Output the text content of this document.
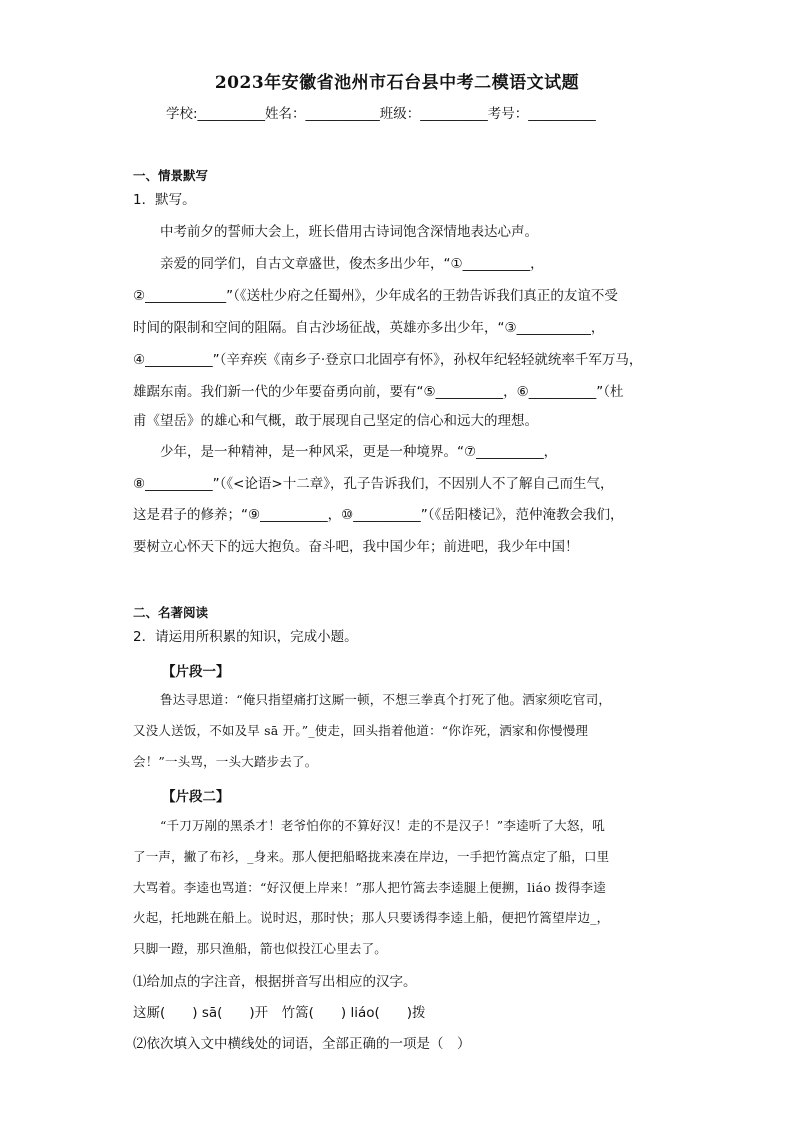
2023年安徽省池州市石台县中考二模语文试题
学校:__________姓名：___________班级：__________考号：__________
一、情景默写
1．默写。
中考前夕的誓师大会上，班长借用古诗词饱含深情地表达心声。
亲爱的同学们，自古文章盛世，俊杰多出少年，“①__________，
②____________”（《送杜少府之任蜀州》，少年成名的王勃告诉我们真正的友谊不受
时间的限制和空间的阻隔。自古沙场征战，英雄亦多出少年，“③___________，
④__________”（辛弃疾《南乡子·登京口北固亭有怀》，孙权年纪轻轻就统率千军万马，
雄踞东南。我们新一代的少年要奋勇向前，要有“⑤__________，⑥__________”（杜
甫《望岳》的雄心和气概，敢于展现自己坚定的信心和远大的理想。
少年，是一种精神，是一种风采，更是一种境界。“⑦__________，
⑧__________”（《<论语>十二章》，孔子告诉我们，不因别人不了解自己而生气，
这是君子的修养；“⑨__________，⑩__________”（《岳阳楼记》，范仲淹教会我们，
要树立心怀天下的远大抱负。奋斗吧，我中国少年；前进吧，我少年中国！
二、名著阅读
2．请运用所积累的知识，完成小题。
【片段一】
鲁达寻思道：“俺只指望痛打这厮一顿，不想三拳真个打死了他。洒家须吃官司，
又没人送饭，不如及早 sā 开。”_使走，回头指着他道：“你诈死，洒家和你慢慢理
会！”一头骂，一头大踏步去了。
【片段二】
“千刀万剐的黑杀才！老爷怕你的不算好汉！走的不是汉子！”李逵听了大怒，吼
了一声，撇了布衫，_身来。那人便把船略拢来凑在岸边，一手把竹篙点定了船，口里
大骂着。李逵也骂道：“好汉便上岸来！”那人把竹篙去李逵腿上便搠，liáo 拨得李逵
火起，托地跳在船上。说时迟，那时快；那人只要诱得李逵上船，便把竹篙望岸边_，
只脚一蹬，那只渔船，箭也似投江心里去了。
⑴给加点的字注音，根据拼音写出相应的汉字。
这厮(　　) sā(　　)开　竹篙(　　) liáo(　　)拨
⑵依次填入文中横线处的词语，全部正确的一项是（　）
